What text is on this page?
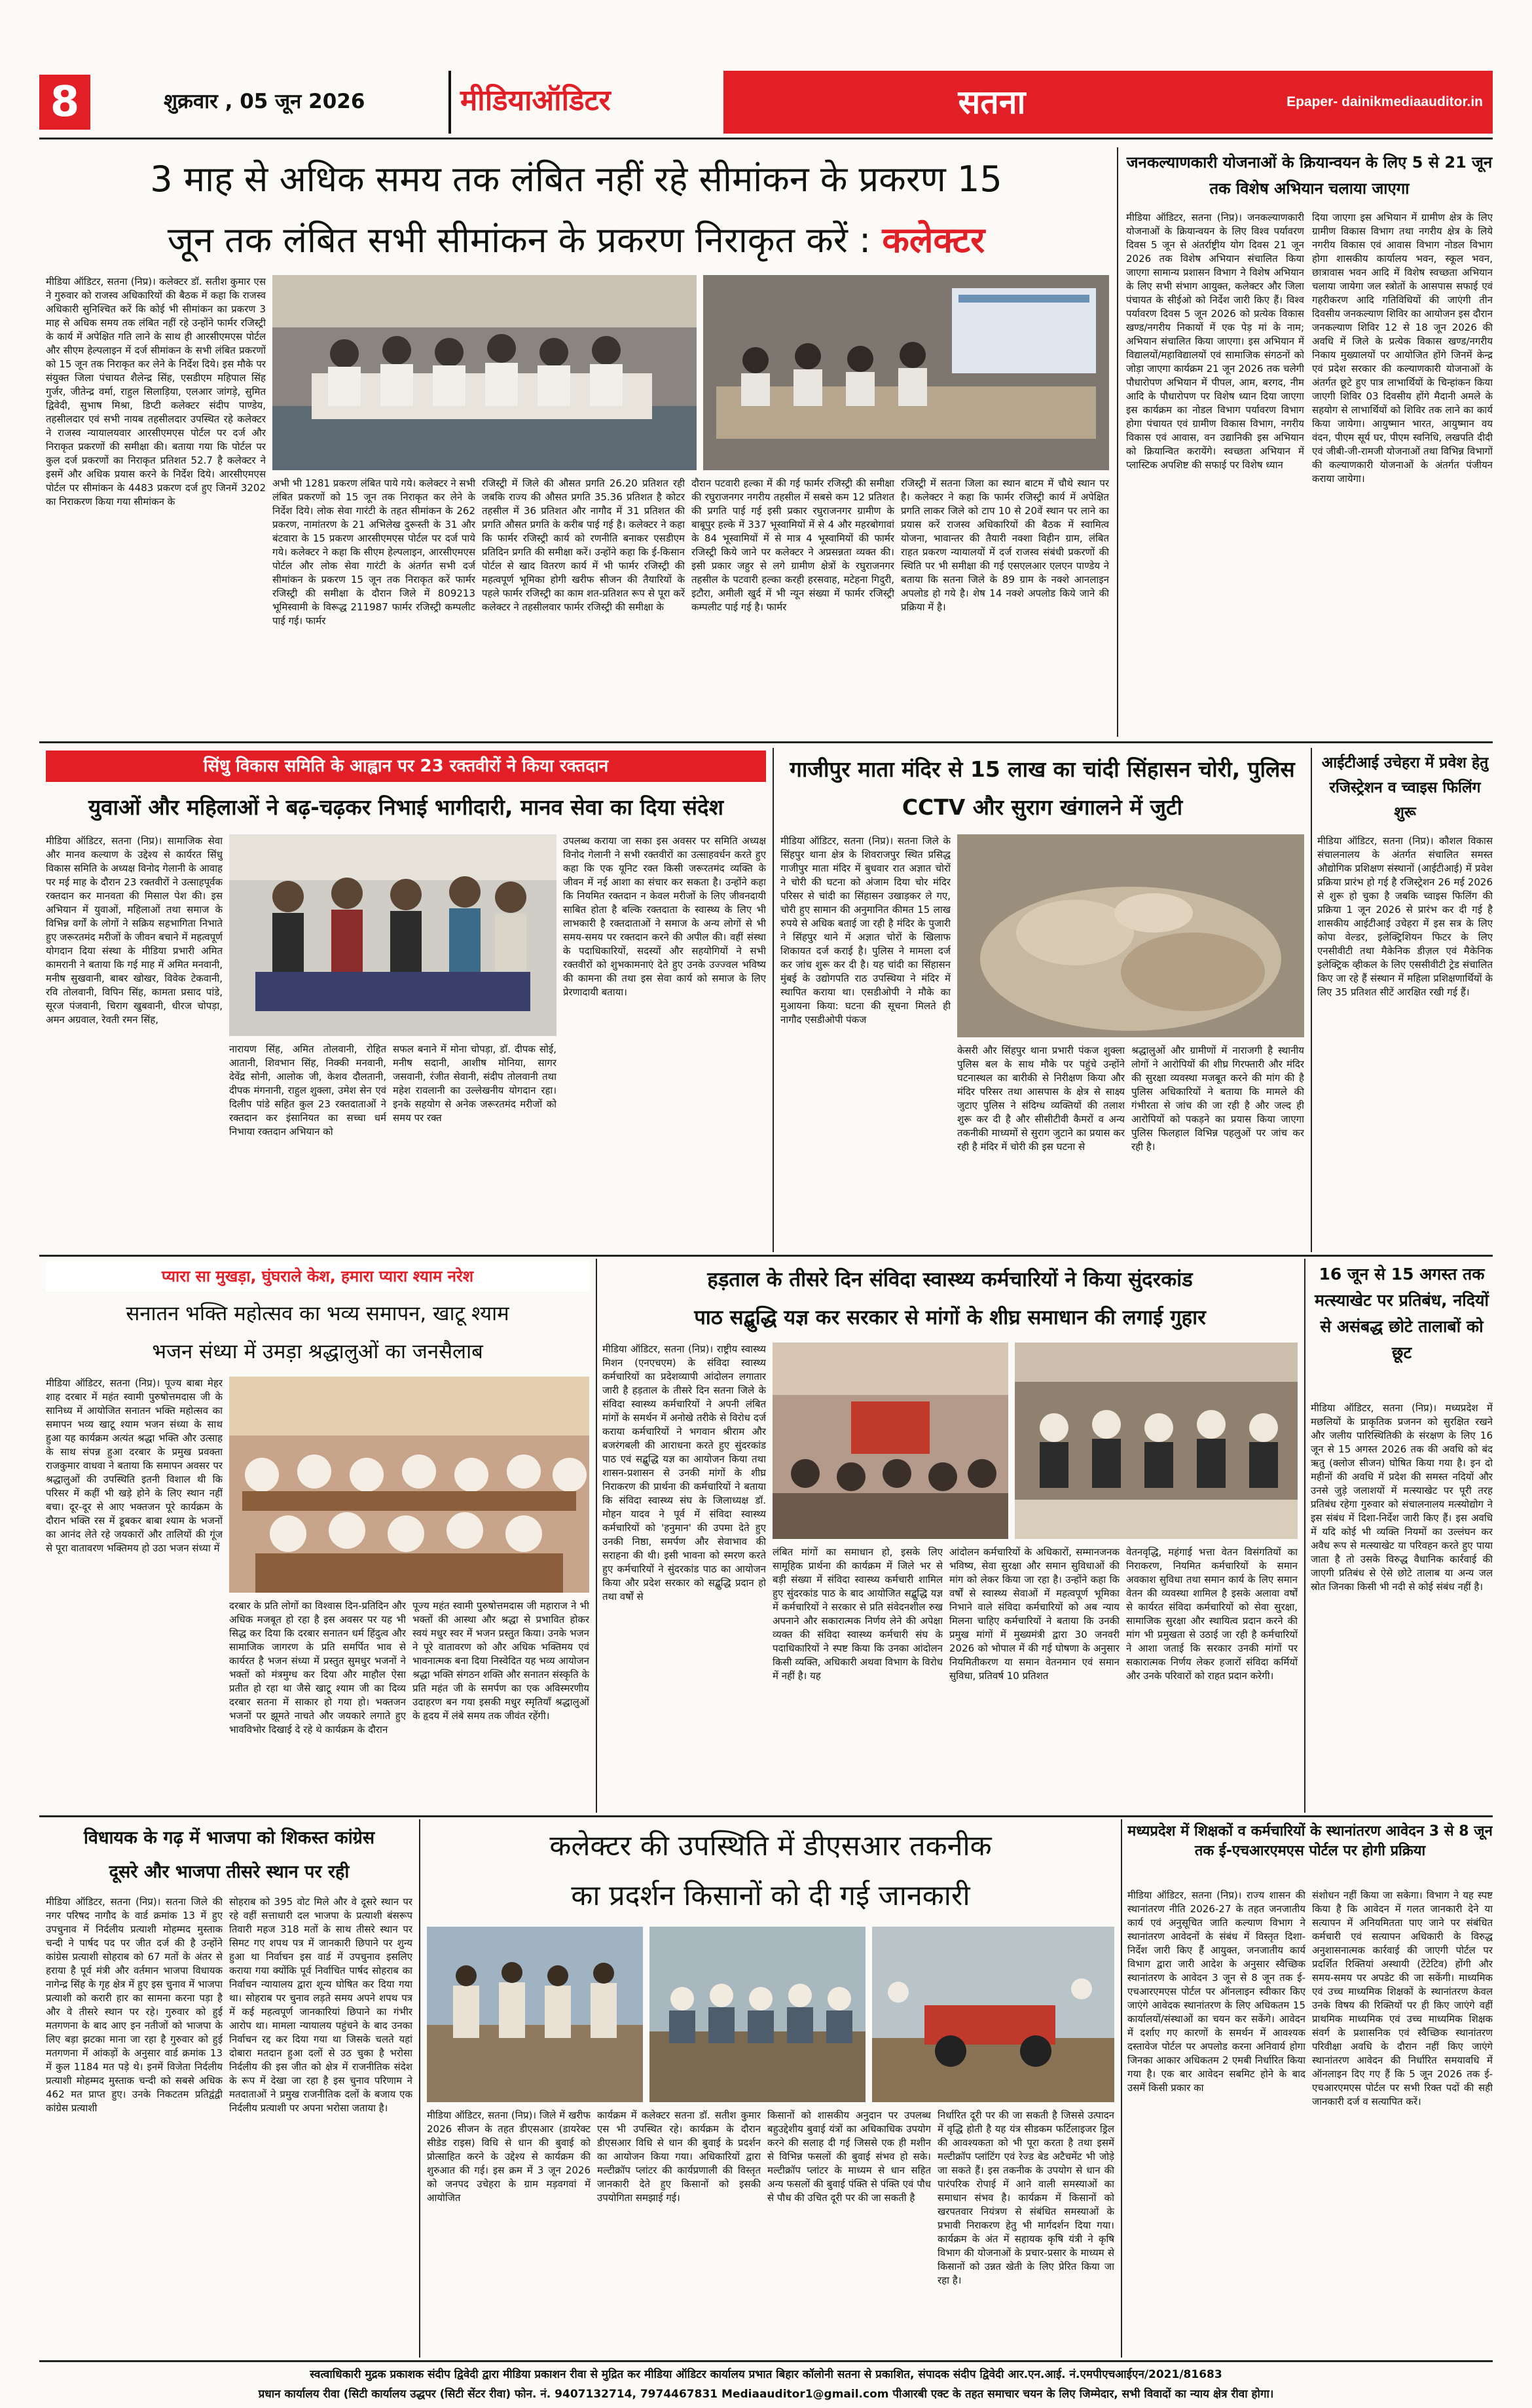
8	शुक्रवार , 05 जून 2026	मीडियाऑडिटर	सतना	Epaper- dainikmediaauditor.in
3 माह से अधिक समय तक लंबित नहीं रहे सीमांकन के प्रकरण 15
जून तक लंबित सभी सीमांकन के प्रकरण निराकृत करें : कलेक्टर
मीडिया ऑडिटर, सतना (निप्र)। कलेक्टर डॉ. सतीश कुमार एस ने गुरुवार को राजस्व अधिकारियों की बैठक में कहा कि राजस्व अधिकारी सुनिश्चित करें कि कोई भी सीमांकन का प्रकरण 3 माह से अधिक समय तक लंबित नहीं रहे उन्होंने फार्मर रजिस्ट्री के कार्य में अपेक्षित गति लाने के साथ ही आरसीएमएस पोर्टल और सीएम हेल्पलाइन में दर्ज सीमांकन के सभी लंबित प्रकरणों को 15 जून तक निराकृत कर लेने के निर्देश दिये। इस मौके पर संयुक्त जिला पंचायत शैलेन्द्र सिंह, एसडीएम महिपाल सिंह गुर्जर, जीतेन्द्र वर्मा, राहुल सिलाड़िया, एलआर जांगड़े, सुमित द्विवेदी, सुभाष मिश्रा, डिप्टी कलेक्टर संदीप पाण्डेय, तहसीलदार एवं सभी नायब तहसीलदार उपस्थित रहे कलेक्टर ने राजस्व न्यायालयवार आरसीएमएस पोर्टल पर दर्ज और निराकृत प्रकरणों की समीक्षा की। बताया गया कि पोर्टल पर कुल दर्ज प्रकरणों का निराकृत प्रतिशत 52.7 है कलेक्टर ने इसमें और अधिक प्रयास करने के निर्देश दिये। आरसीएमएस पोर्टल पर सीमांकन के 4483 प्रकरण दर्ज हुए जिनमें 3202 का निराकरण किया गया सीमांकन के
अभी भी 1281 प्रकरण लंबित पाये गये। कलेक्टर ने सभी लंबित प्रकरणों को 15 जून तक निराकृत कर लेने के निर्देश दिये। लोक सेवा गारंटी के तहत सीमांकन के 262 प्रकरण, नामांतरण के 21 अभिलेख दुरूस्ती के 31 और बंटवारा के 15 प्रकरण आरसीएमएस पोर्टल पर दर्ज पाये गये। कलेक्टर ने कहा कि सीएम हेल्पलाइन, आरसीएमएस पोर्टल और लोक सेवा गारंटी के अंतर्गत सभी दर्ज सीमांकन के प्रकरण 15 जून तक निराकृत करें फार्मर रजिस्ट्री की समीक्षा के दौरान जिले में 809213 भूमिस्वामी के विरूद्ध 211987 फार्मर रजिस्ट्री कम्पलीट पाई गई। फार्मर
रजिस्ट्री में जिले की औसत प्रगति 26.20 प्रतिशत रही जबकि राज्य की औसत प्रगति 35.36 प्रतिशत है कोटर तहसील में 36 प्रतिशत और नागौद में 31 प्रतिशत की प्रगति औसत प्रगति के करीब पाई गई है। कलेक्टर ने कहा कि फार्मर रजिस्ट्री कार्य को रणनीति बनाकर एसडीएम प्रतिदिन प्रगति की समीक्षा करें। उन्होंने कहा कि ई-किसान पोर्टल से खाद वितरण कार्य में भी फार्मर रजिस्ट्री की महत्वपूर्ण भूमिका होगी खरीफ सीजन की तैयारियों के पहले फार्मर रजिस्ट्री का काम शत-प्रतिशत रूप से पूरा करें कलेक्टर ने तहसीलवार फार्मर रजिस्ट्री की समीक्षा के
दौरान पटवारी हल्का में की गई फार्मर रजिस्ट्री की समीक्षा की रघुराजनगर नगरीय तहसील में सबसे कम 12 प्रतिशत की प्रगति पाई गई इसी प्रकार रघुराजनगर ग्रामीण के बाबूपुर हल्के में 337 भूस्वामियों में से 4 और महरबोगावां के 84 भूस्वामियों में से मात्र 4 भूस्वामियों की फार्मर रजिस्ट्री किये जाने पर कलेक्टर ने अप्रसन्नता व्यक्त की। इसी प्रकार जहुर से लगे ग्रामीण क्षेत्रों के रघुराजनगर तहसील के पटवारी हल्का करही हरसवाह, मटेहना गिदुरी, इटौरा, अमीली खुर्द में भी न्यून संख्या में फार्मर रजिस्ट्री कम्पलीट पाई गई है। फार्मर
रजिस्ट्री में सतना जिला का स्थान बाटम में चौथे स्थान पर है। कलेक्टर ने कहा कि फार्मर रजिस्ट्री कार्य में अपेक्षित प्रगति लाकर जिले को टाप 10 से 20वें स्थान पर लाने का प्रयास करें राजस्व अधिकारियों की बैठक में स्वामित्व योजना, भावान्तर की तैयारी नक्शा विहीन ग्राम, लंबित राहत प्रकरण न्यायालयों में दर्ज राजस्व संबंधी प्रकरणों की स्थिति पर भी समीक्षा की गई एसएलआर एलएन पाण्डेय ने बताया कि सतना जिले के 89 ग्राम के नक्शे आनलाइन अपलोड हो गये है। शेष 14 नक्शे अपलोड किये जाने की प्रक्रिया में है।
जनकल्याणकारी योजनाओं के क्रियान्वयन के लिए 5 से 21 जून तक विशेष अभियान चलाया जाएगा
मीडिया ऑडिटर, सतना (निप्र)। जनकल्याणकारी योजनाओं के क्रियान्वयन के लिए विश्व पर्यावरण दिवस 5 जून से अंतर्राष्ट्रीय योग दिवस 21 जून 2026 तक विशेष अभियान संचालित किया जाएगा सामान्य प्रशासन विभाग ने विशेष अभियान के लिए सभी संभाग आयुक्त, कलेक्टर और जिला पंचायत के सीईओ को निर्देश जारी किए हैं। विश्व पर्यावरण दिवस 5 जून 2026 को प्रत्येक विकास खण्ड/नगरीय निकायों में एक पेड़ मां के नाम; अभियान संचालित किया जाएगा। इस अभियान में विद्यालयों/महाविद्यालयों एवं सामाजिक संगठनों को जोड़ा जाएगा कार्यक्रम 21 जून 2026 तक चलेगी पौधारोपण अभियान में पीपल, आम, बरगद, नीम आदि के पौधारोपण पर विशेष ध्यान दिया जाएगा इस कार्यक्रम का नोडल विभाग पर्यावरण विभाग होगा पंचायत एवं ग्रामीण विकास विभाग, नगरीय विकास एवं आवास, वन उद्यानिकी इस अभियान को क्रियान्वित करायेंगे। स्वच्छता अभियान में प्लास्टिक अपशिष्ट की सफाई पर विशेष ध्यान
दिया जाएगा इस अभियान में ग्रामीण क्षेत्र के लिए ग्रामीण विकास विभाग तथा नगरीय क्षेत्र के लिये नगरीय विकास एवं आवास विभाग नोडल विभाग होगा शासकीय कार्यालय भवन, स्कूल भवन, छात्रावास भवन आदि में विशेष स्वच्छता अभियान चलाया जायेगा जल स्त्रोतों के आसपास सफाई एवं गहरीकरण आदि गतिविधियों की जाएंगी तीन दिवसीय जनकल्याण शिविर का आयोजन इस दौरान जनकल्याण शिविर 12 से 18 जून 2026 की अवधि में जिले के प्रत्येक विकास खण्ड/नगरीय निकाय मुख्यालयों पर आयोजित होंगे जिनमें केन्द्र एवं प्रदेश सरकार की कल्याणकारी योजनाओं के अंतर्गत छूटे हुए पात्र लाभार्थियों के चिन्हांकन किया जाएगी शिविर 03 दिवसीय होंगे मैदानी अमले के सहयोग से लाभार्थियों को शिविर तक लाने का कार्य किया जायेगा। आयुष्मान भारत, आयुष्मान वय वंदन, पीएम सूर्य घर, पीएम स्वनिधि, लखपति दीदी एवं जीबी-जी-रामजी योजनाओं तथा विभिन्न विभागों की कल्याणकारी योजनाओं के अंतर्गत पंजीयन कराया जायेगा।
सिंधु विकास समिति के आह्वान पर 23 रक्तवीरों ने किया रक्तदान
युवाओं और महिलाओं ने बढ़-चढ़कर निभाई भागीदारी, मानव सेवा का दिया संदेश
मीडिया ऑडिटर, सतना (निप्र)। सामाजिक सेवा और मानव कल्याण के उद्देश्य से कार्यरत सिंधु विकास समिति के अध्यक्ष विनोद गेलानी के आवाह पर मई माह के दौरान 23 रक्तवीरों ने उत्साहपूर्वक रक्तदान कर मानवता की मिसाल पेश की। इस अभियान में युवाओं, महिलाओं तथा समाज के विभिन्न वर्गों के लोगों ने सक्रिय सहभागिता निभाते हुए जरूरतमंद मरीजों के जीवन बचाने में महत्वपूर्ण योगदान दिया संस्था के मीडिया प्रभारी अमित कामरानी ने बताया कि गई माह में अमित मनवानी, मनीष सुखवानी, बाबर खोखर, विवेक टेकवानी, रवि तोलवानी, विपिन सिंह, कामता प्रसाद पांडे, सूरज पंजवानी, चिराग खुबवानी, धीरज चोपड़ा, अमन अग्रवाल, रेवती रमन सिंह,
नारायण सिंह, अमित तोलवानी, रोहित आतानी, शिवभान सिंह, निक्की मनवानी, देवेंद्र सोनी, आलोक जी, केशव दौलतानी, दीपक मंगनानी, राहुल शुक्ला, उमेश सेन एवं दिलीप पांडे सहित कुल 23 रक्तदाताओं ने रक्तदान कर इंसानियत का सच्चा धर्म निभाया रक्तदान अभियान को
सफल बनाने में मोना चोपड़ा, डॉ. दीपक सोई, मनीष सदानी, आशीष मोनिया, सागर जसवानी, रंजीत सेवानी, संदीप तोलवानी तथा महेश रावलानी का उल्लेखनीय योगदान रहा। इनके सहयोग से अनेक जरूरतमंद मरीजों को समय पर रक्त
उपलब्ध कराया जा सका इस अवसर पर समिति अध्यक्ष विनोद गेलानी ने सभी रक्तवीरों का उत्साहवर्धन करते हुए कहा कि एक यूनिट रक्त किसी जरूरतमंद व्यक्ति के जीवन में नई आशा का संचार कर सकता है। उन्होंने कहा कि नियमित रक्तदान न केवल मरीजों के लिए जीवनदायी साबित होता है बल्कि रक्तदाता के स्वास्थ्य के लिए भी लाभकारी है रक्तदाताओं ने समाज के अन्य लोगों से भी समय-समय पर रक्तदान करने की अपील की। वहीं संस्था के पदाधिकारियों, सदस्यों और सहयोगियों ने सभी रक्तवीरों को शुभकामनाएं देते हुए उनके उज्ज्वल भविष्य की कामना की तथा इस सेवा कार्य को समाज के लिए प्रेरणादायी बताया।
गाजीपुर माता मंदिर से 15 लाख का चांदी सिंहासन चोरी, पुलिस CCTV और सुराग खंगालने में जुटी
मीडिया ऑडिटर, सतना (निप्र)। सतना जिले के सिंहपुर थाना क्षेत्र के शिवराजपुर स्थित प्रसिद्ध गाजीपुर माता मंदिर में बुधवार रात अज्ञात चोरों ने चोरी की घटना को अंजाम दिया चोर मंदिर परिसर से चांदी का सिंहासन उखाड़कर ले गए, चोरी हुए सामान की अनुमानित कीमत 15 लाख रुपये से अधिक बताई जा रही है मंदिर के पुजारी ने सिंहपुर थाने में अज्ञात चोरों के खिलाफ शिकायत दर्ज कराई है। पुलिस ने मामला दर्ज कर जांच शुरू कर दी है। यह चांदी का सिंहासन मुंबई के उद्योगपति राठ उपस्थिया ने मंदिर में स्थापित कराया था। एसडीओपी ने मौके का मुआयना किया: घटना की सूचना मिलते ही नागौद एसडीओपी पंकज
केसरी और सिंहपुर थाना प्रभारी पंकज शुक्ला पुलिस बल के साथ मौके पर पहुंचे उन्होंने घटनास्थल का बारीकी से निरीक्षण किया और मंदिर परिसर तथा आसपास के क्षेत्र से साक्ष्य जुटाए पुलिस ने संदिग्ध व्यक्तियों की तलाश शुरू कर दी है और सीसीटीवी कैमरों व अन्य तकनीकी माध्यमों से सुराग जुटाने का प्रयास कर रही है मंदिर में चोरी की इस घटना से
श्रद्धालुओं और ग्रामीणों में नाराजगी है स्थानीय लोगों ने आरोपियों की शीघ्र गिरफ्तारी और मंदिर की सुरक्षा व्यवस्था मजबूत करने की मांग की है पुलिस अधिकारियों ने बताया कि मामले की गंभीरता से जांच की जा रही है और जल्द ही आरोपियों को पकड़ने का प्रयास किया जाएगा पुलिस फिलहाल विभिन्न पहलुओं पर जांच कर रही है।
आईटीआई उचेहरा में प्रवेश हेतु रजिस्ट्रेशन व च्वाइस फिलिंग शुरू
मीडिया ऑडिटर, सतना (निप्र)। कौशल विकास संचालनालय के अंतर्गत संचालित समस्त औद्योगिक प्रशिक्षण संस्थानों (आईटीआई) में प्रवेश प्रक्रिया प्रारंभ हो गई है रजिस्ट्रेशन 26 मई 2026 से शुरू हो चुका है जबकि च्वाइस फिलिंग की प्रक्रिया 1 जून 2026 से प्रारंभ कर दी गई है शासकीय आईटीआई उचेहरा में इस सत्र के लिए कोपा वेल्डर, इलेक्ट्रिशियन फिटर के लिए एनसीवीटी तथा मैकेनिक डीज़ल एवं मैकेनिक इलेक्ट्रिक व्हीकल के लिए एससीवीटी ट्रेड संचालित किए जा रहे हैं संस्थान में महिला प्रशिक्षणार्थियों के लिए 35 प्रतिशत सीटें आरक्षित रखी गई हैं।
प्यारा सा मुखड़ा, घुंघराले केश, हमारा प्यारा श्याम नरेश
सनातन भक्ति महोत्सव का भव्य समापन, खाटू श्याम
भजन संध्या में उमड़ा श्रद्धालुओं का जनसैलाब
मीडिया ऑडिटर, सतना (निप्र)। पूज्य बाबा मेहर शाह दरबार में महंत स्वामी पुरुषोत्तमदास जी के सानिध्य में आयोजित सनातन भक्ति महोत्सव का समापन भव्य खाटू श्याम भजन संध्या के साथ हुआ यह कार्यक्रम अत्यंत श्रद्धा भक्ति और उत्साह के साथ संपन्न हुआ दरबार के प्रमुख प्रवक्ता राजकुमार वाधवा ने बताया कि समापन अवसर पर श्रद्धालुओं की उपस्थिति इतनी विशाल थी कि परिसर में कहीं भी खड़े होने के लिए स्थान नहीं बचा। दूर-दूर से आए भक्तजन पूरे कार्यक्रम के दौरान भक्ति रस में डूबकर बाबा श्याम के भजनों का आनंद लेते रहे जयकारों और तालियों की गूंज से पूरा वातावरण भक्तिमय हो उठा भजन संध्या में
दरबार के प्रति लोगों का विश्वास दिन-प्रतिदिन और अधिक मजबूत हो रहा है इस अवसर पर यह भी सिद्ध कर दिया कि दरबार सनातन धर्म हिंदुत्व और सामाजिक जागरण के प्रति समर्पित भाव से कार्यरत है भजन संध्या में प्रस्तुत सुमधुर भजनों ने भक्तों को मंत्रमुग्ध कर दिया और माहौल ऐसा प्रतीत हो रहा था जैसे खाटू श्याम जी का दिव्य दरबार सतना में साकार हो गया हो। भक्तजन भजनों पर झूमते नाचते और जयकारे लगाते हुए भावविभोर दिखाई दे रहे थे कार्यक्रम के दौरान
पूज्य महंत स्वामी पुरुषोत्तमदास जी महाराज ने भी भक्तों की आस्था और श्रद्धा से प्रभावित होकर स्वयं मधुर स्वर में भजन प्रस्तुत किया। उनके भजन ने पूरे वातावरण को और अधिक भक्तिमय एवं भावनात्मक बना दिया निस्वेदित यह भव्य आयोजन श्रद्धा भक्ति संगठन शक्ति और सनातन संस्कृति के प्रति महंत जी के समर्पण का एक अविस्मरणीय उदाहरण बन गया इसकी मधुर स्मृतियाँ श्रद्धालुओं के हृदय में लंबे समय तक जीवंत रहेंगी।
हड़ताल के तीसरे दिन संविदा स्वास्थ्य कर्मचारियों ने किया सुंदरकांड
पाठ सद्बुद्धि यज्ञ कर सरकार से मांगों के शीघ्र समाधान की लगाई गुहार
मीडिया ऑडिटर, सतना (निप्र)। राष्ट्रीय स्वास्थ्य मिशन (एनएचएम) के संविदा स्वास्थ्य कर्मचारियों का प्रदेशव्यापी आंदोलन लगातार जारी है हड़ताल के तीसरे दिन सतना जिले के संविदा स्वास्थ्य कर्मचारियों ने अपनी लंबित मांगों के समर्थन में अनोखे तरीके से विरोध दर्ज कराया कर्मचारियों ने भगवान श्रीराम और बजरंगबली की आराधना करते हुए सुंदरकांड पाठ एवं सद्बुद्धि यज्ञ का आयोजन किया तथा शासन-प्रशासन से उनकी मांगों के शीघ्र निराकरण की प्रार्थना की कर्मचारियों ने बताया कि संविदा स्वास्थ्य संघ के जिलाध्यक्ष डॉ. मोहन यादव ने पूर्व में संविदा स्वास्थ्य कर्मचारियों को 'हनुमान' की उपमा देते हुए उनकी निष्ठा, समर्पण और सेवाभाव की सराहना की थी। इसी भावना को स्मरण करते हुए कर्मचारियों ने सुंदरकांड पाठ का आयोजन किया और प्रदेश सरकार को सद्बुद्धि प्रदान हो तथा वर्षों से
लंबित मांगों का समाधान हो, इसके लिए सामूहिक प्रार्थना की कार्यक्रम में जिले भर से बड़ी संख्या में संविदा स्वास्थ्य कर्मचारी शामिल हुए सुंदरकांड पाठ के बाद आयोजित सद्बुद्धि यज्ञ में कर्मचारियों ने सरकार से प्रति संवेदनशील रुख अपनाने और सकारात्मक निर्णय लेने की अपेक्षा व्यक्त की संविदा स्वास्थ्य कर्मचारी संघ के पदाधिकारियों ने स्पष्ट किया कि उनका आंदोलन किसी व्यक्ति, अधिकारी अथवा विभाग के विरोध में नहीं है। यह
आंदोलन कर्मचारियों के अधिकारों, सम्मानजनक भविष्य, सेवा सुरक्षा और समान सुविधाओं की मांग को लेकर किया जा रहा है। उन्होंने कहा कि वर्षों से स्वास्थ्य सेवाओं में महत्वपूर्ण भूमिका निभाने वाले संविदा कर्मचारियों को अब न्याय मिलना चाहिए कर्मचारियों ने बताया कि उनकी प्रमुख मांगों में मुख्यमंत्री द्वारा 30 जनवरी 2026 को भोपाल में की गई घोषणा के अनुसार नियमितीकरण या समान वेतनमान एवं समान सुविधा, प्रतिवर्ष 10 प्रतिशत
वेतनवृद्धि, महंगाई भत्ता वेतन विसंगतियों का निराकरण, नियमित कर्मचारियों के समान अवकाश सुविधा तथा समान कार्य के लिए समान वेतन की व्यवस्था शामिल है इसके अलावा वर्षों से कार्यरत संविदा कर्मचारियों को सेवा सुरक्षा, सामाजिक सुरक्षा और स्थायित्व प्रदान करने की मांग भी प्रमुखता से उठाई जा रही है कर्मचारियों ने आशा जताई कि सरकार उनकी मांगों पर सकारात्मक निर्णय लेकर हजारों संविदा कर्मियों और उनके परिवारों को राहत प्रदान करेगी।
16 जून से 15 अगस्त तक मत्स्याखेट पर प्रतिबंध, नदियों से असंबद्ध छोटे तालाबों को छूट
मीडिया ऑडिटर, सतना (निप्र)। मध्यप्रदेश में मछलियों के प्राकृतिक प्रजनन को सुरक्षित रखने और जलीय पारिस्थितिकी के संरक्षण के लिए 16 जून से 15 अगस्त 2026 तक की अवधि को बंद ऋतु (क्लोज सीजन) घोषित किया गया है। इन दो महीनों की अवधि में प्रदेश की समस्त नदियों और उनसे जुड़े जलाशयों में मत्स्याखेट पर पूरी तरह प्रतिबंध रहेगा गुरुवार को संचालनालय मत्स्योद्योग ने इस संबंध में दिशा-निर्देश जारी किए हैं। इस अवधि में यदि कोई भी व्यक्ति नियमों का उल्लंघन कर अवैध रूप से मत्स्याखेट या परिवहन करते हुए पाया जाता है तो उसके विरुद्ध वैधानिक कार्रवाई की जाएगी प्रतिबंध से ऐसे छोटे तालाब या अन्य जल स्रोत जिनका किसी भी नदी से कोई संबंध नहीं है।
विधायक के गढ़ में भाजपा को शिकस्त कांग्रेस
दूसरे और भाजपा तीसरे स्थान पर रही
मीडिया ऑडिटर, सतना (निप्र)। सतना जिले की नगर परिषद नागौद के वार्ड क्रमांक 13 में हुए उपचुनाव में निर्दलीय प्रत्याशी मोहम्मद मुस्ताक चन्दी ने पार्षद पद पर जीत दर्ज की है उन्होंने कांग्रेस प्रत्याशी सोहराब को 67 मतों के अंतर से हराया है पूर्व मंत्री और वर्तमान भाजपा विधायक नागेन्द्र सिंह के गृह क्षेत्र में हुए इस चुनाव में भाजपा प्रत्याशी को करारी हार का सामना करना पड़ा है और वे तीसरे स्थान पर रहे। गुरुवार को हुई मतगणना के बाद आए इन नतीजों को भाजपा के लिए बड़ा झटका माना जा रहा है गुरुवार को हुई मतगणना में आंकड़ों के अनुसार वार्ड क्रमांक 13 में कुल 1184 मत पड़े थे। इनमें विजेता निर्दलीय प्रत्याशी मोहम्मद मुस्ताक चन्दी को सबसे अधिक 462 मत प्राप्त हुए। उनके निकटतम प्रतिद्वंद्वी कांग्रेस प्रत्याशी
सोहराब को 395 वोट मिले और वे दूसरे स्थान पर रहे वहीं सत्ताधारी दल भाजपा के प्रत्याशी बंसरूप तिवारी महज 318 मतों के साथ तीसरे स्थान पर सिमट गए शपथ पत्र में जानकारी छिपाने पर शुन्य हुआ था निर्वाचन इस वार्ड में उपचुनाव इसलिए कराया गया क्योंकि पूर्व निर्वाचित पार्षद सोहराब का निर्वाचन न्यायालय द्वारा शून्य घोषित कर दिया गया था। सोहराब पर चुनाव लड़ते समय अपने शपथ पत्र में कई महत्वपूर्ण जानकारियां छिपाने का गंभीर आरोप था। मामला न्यायालय पहुंचने के बाद उनका निर्वाचन रद्द कर दिया गया था जिसके चलते यहां दोबारा मतदान हुआ दलों से उठ चुका है भरोसा निर्दलीय की इस जीत को क्षेत्र में राजनीतिक संदेश के रूप में देखा जा रहा है इस चुनाव परिणाम ने मतदाताओं ने प्रमुख राजनीतिक दलों के बजाय एक निर्दलीय प्रत्याशी पर अपना भरोसा जताया है।
कलेक्टर की उपस्थिति में डीएसआर तकनीक
का प्रदर्शन किसानों को दी गई जानकारी
मीडिया ऑडिटर, सतना (निप्र)। जिले में खरीफ 2026 सीजन के तहत डीएसआर (डायरेक्ट सीडेड राइस) विधि से धान की बुवाई को प्रोत्साहित करने के उद्देश्य से कार्यक्रम की शुरुआत की गई। इस क्रम में 3 जून 2026 को जनपद उचेहरा के ग्राम मड़वगवां में आयोजित
कार्यक्रम में कलेक्टर सतना डॉ. सतीश कुमार एस भी उपस्थित रहे। कार्यक्रम के दौरान डीएसआर विधि से धान की बुवाई के प्रदर्शन का आयोजन किया गया। अधिकारियों द्वारा मल्टीक्रॉप प्लांटर की कार्यप्रणाली की विस्तृत जानकारी देते हुए किसानों को इसकी उपयोगिता समझाई गई।
किसानों को शासकीय अनुदान पर उपलब्ध बहुउद्देशीय बुवाई यंत्रों का अधिकाधिक उपयोग करने की सलाह दी गई जिससे एक ही मशीन से विभिन्न फसलों की बुवाई संभव हो सके। मल्टीक्रॉप प्लांटर के माध्यम से धान सहित अन्य फसलों की बुवाई पंक्ति से पंक्ति एवं पौध से पौध की उचित दूरी पर की जा सकती है
निर्धारित दूरी पर की जा सकती है जिससे उत्पादन में वृद्धि होती है यह यंत्र सीडकम फर्टिलाइजर ड्रिल की आवश्यकता को भी पूरा करता है तथा इसमें मल्टीक्रॉप प्लांटिंग एवं रेज्ड बेड अटैचमेंट भी जोड़े जा सकते हैं। इस तकनीक के उपयोग से धान की पारंपरिक रोपाई में आने वाली समस्याओं का समाधान संभव है। कार्यक्रम में किसानों को खरपतवार नियंत्रण से संबंधित समस्याओं के प्रभावी निराकरण हेतु भी मार्गदर्शन दिया गया। कार्यक्रम के अंत में सहायक कृषि यंत्री ने कृषि विभाग की योजनाओं के प्रचार-प्रसार के माध्यम से किसानों को उन्नत खेती के लिए प्रेरित किया जा रहा है।
मध्यप्रदेश में शिक्षकों व कर्मचारियों के स्थानांतरण आवेदन 3 से 8 जून तक ई-एचआरएमएस पोर्टल पर होगी प्रक्रिया
मीडिया ऑडिटर, सतना (निप्र)। राज्य शासन की स्थानांतरण नीति 2026-27 के तहत जनजातीय कार्य एवं अनुसूचित जाति कल्याण विभाग ने स्थानांतरण आवेदनों के संबंध में विस्तृत दिशा-निर्देश जारी किए हैं आयुक्त, जनजातीय कार्य विभाग द्वारा जारी आदेश के अनुसार स्वैच्छिक स्थानांतरण के आवेदन 3 जून से 8 जून तक ई-एचआरएमएस पोर्टल पर ऑनलाइन स्वीकार किए जाएंगे आवेदक स्थानांतरण के लिए अधिकतम 15 कार्यालयों/संस्थाओं का चयन कर सकेंगे। आवेदन में दर्शाए गए कारणों के समर्थन में आवश्यक दस्तावेज पोर्टल पर अपलोड करना अनिवार्य होगा जिनका आकार अधिकतम 2 एमबी निर्धारित किया गया है। एक बार आवेदन सबमिट होने के बाद उसमें किसी प्रकार का
संशोधन नहीं किया जा सकेगा। विभाग ने यह स्पष्ट किया है कि आवेदन में गलत जानकारी देने या सत्यापन में अनियमितता पाए जाने पर संबंधित कर्मचारी एवं सत्यापन अधिकारी के विरुद्ध अनुशासनात्मक कार्रवाई की जाएगी पोर्टल पर प्रदर्शित रिक्तियां अस्थायी (टेंटेटिव) होंगी और समय-समय पर अपडेट की जा सकेंगी। माध्यमिक एवं उच्च माध्यमिक शिक्षकों के स्थानांतरण केवल उनके विषय की रिक्तियों पर ही किए जाएंगे वहीं प्राथमिक माध्यमिक एवं उच्च माध्यमिक शिक्षक संवर्ग के प्रशासनिक एवं स्वैच्छिक स्थानांतरण परिवीक्षा अवधि के दौरान नहीं किए जाएंगे स्थानांतरण आवेदन की निर्धारित समयावधि में ऑनलाइन दिए गए हैं कि 5 जून 2026 तक ई-एचआरएमएस पोर्टल पर सभी रिक्त पदों की सही जानकारी दर्ज व सत्यापित करें।
स्वत्वाधिकारी मुद्रक प्रकाशक संदीप द्विवेदी द्वारा मीडिया प्रकाशन रीवा से मुद्रित कर मीडिया ऑडिटर कार्यालय प्रभात बिहार कॉलोनी सतना से प्रकाशित, संपादक संदीप द्विवेदी आर.एन.आई. नं.एमपीएचआईएन/2021/81683
प्रधान कार्यालय रीवा (सिटी कार्यालय उद्धपर (सिटी सेंटर रीवा) फोन. नं. 9407132714, 7974467831 Mediaauditor1@gmail.com पीआरबी एक्ट के तहत समाचार चयन के लिए जिम्मेदार, सभी विवादों का न्याय क्षेत्र रीवा होगा।
